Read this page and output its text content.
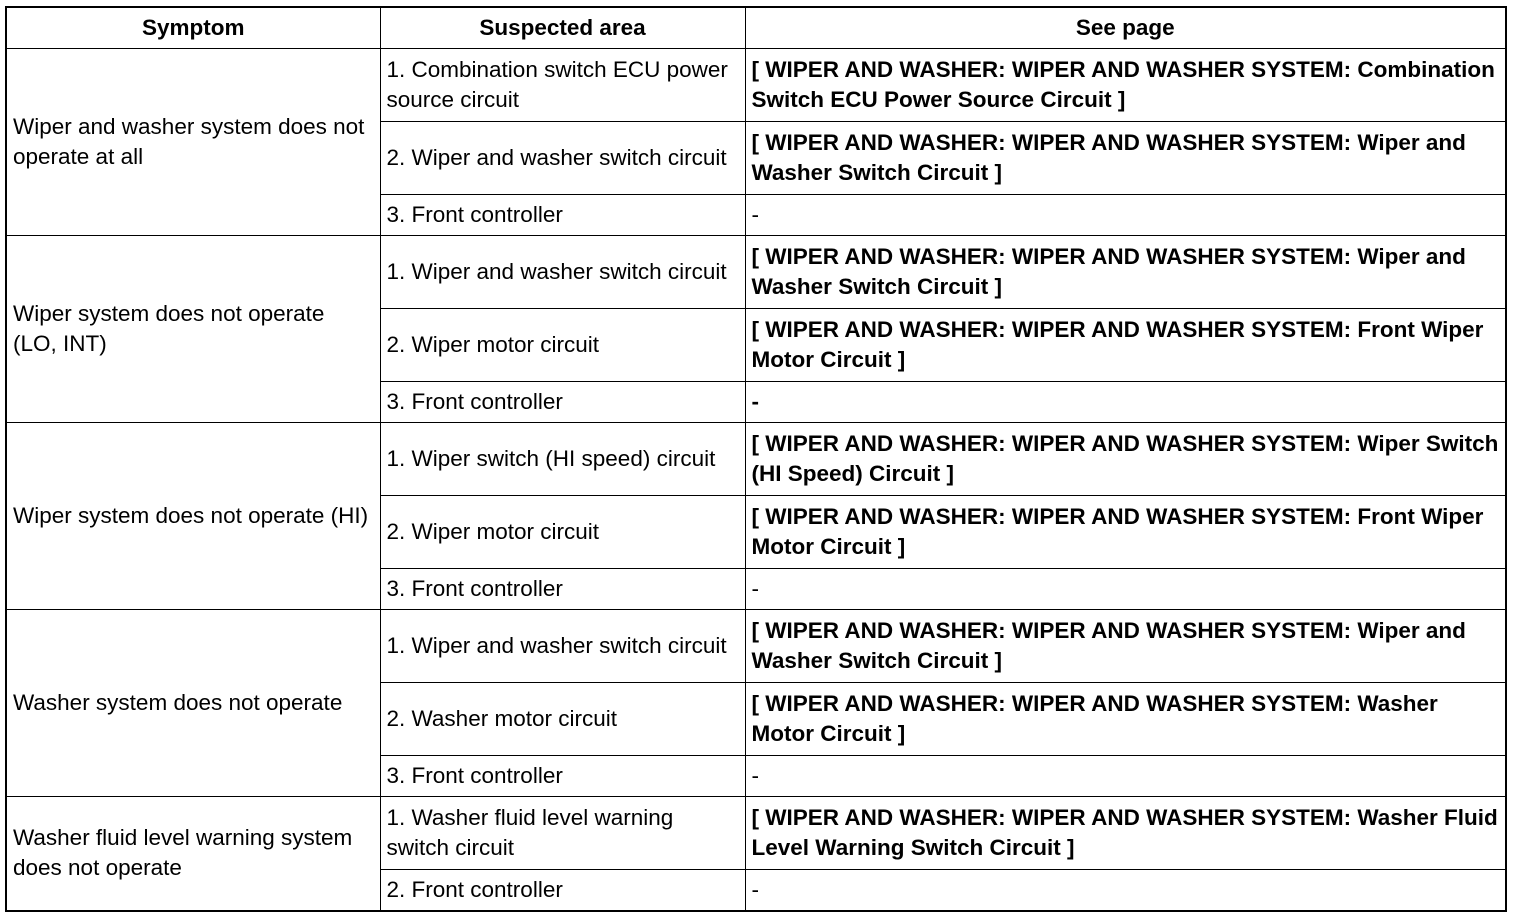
Symptom	Suspected area	See page
Wiper and washer system does not operate at all	1. Combination switch ECU power source circuit	[ WIPER AND WASHER: WIPER AND WASHER SYSTEM: Combination Switch ECU Power Source Circuit ]
	2. Wiper and washer switch circuit	[ WIPER AND WASHER: WIPER AND WASHER SYSTEM: Wiper and Washer Switch Circuit ]
	3. Front controller	-
Wiper system does not operate (LO, INT)	1. Wiper and washer switch circuit	[ WIPER AND WASHER: WIPER AND WASHER SYSTEM: Wiper and Washer Switch Circuit ]
	2. Wiper motor circuit	[ WIPER AND WASHER: WIPER AND WASHER SYSTEM: Front Wiper Motor Circuit ]
	3. Front controller	-
Wiper system does not operate (HI)	1. Wiper switch (HI speed) circuit	[ WIPER AND WASHER: WIPER AND WASHER SYSTEM: Wiper Switch (HI Speed) Circuit ]
	2. Wiper motor circuit	[ WIPER AND WASHER: WIPER AND WASHER SYSTEM: Front Wiper Motor Circuit ]
	3. Front controller	-
Washer system does not operate	1. Wiper and washer switch circuit	[ WIPER AND WASHER: WIPER AND WASHER SYSTEM: Wiper and Washer Switch Circuit ]
	2. Washer motor circuit	[ WIPER AND WASHER: WIPER AND WASHER SYSTEM: Washer Motor Circuit ]
	3. Front controller	-
Washer fluid level warning system does not operate	1. Washer fluid level warning switch circuit	[ WIPER AND WASHER: WIPER AND WASHER SYSTEM: Washer Fluid Level Warning Switch Circuit ]
	2. Front controller	-
